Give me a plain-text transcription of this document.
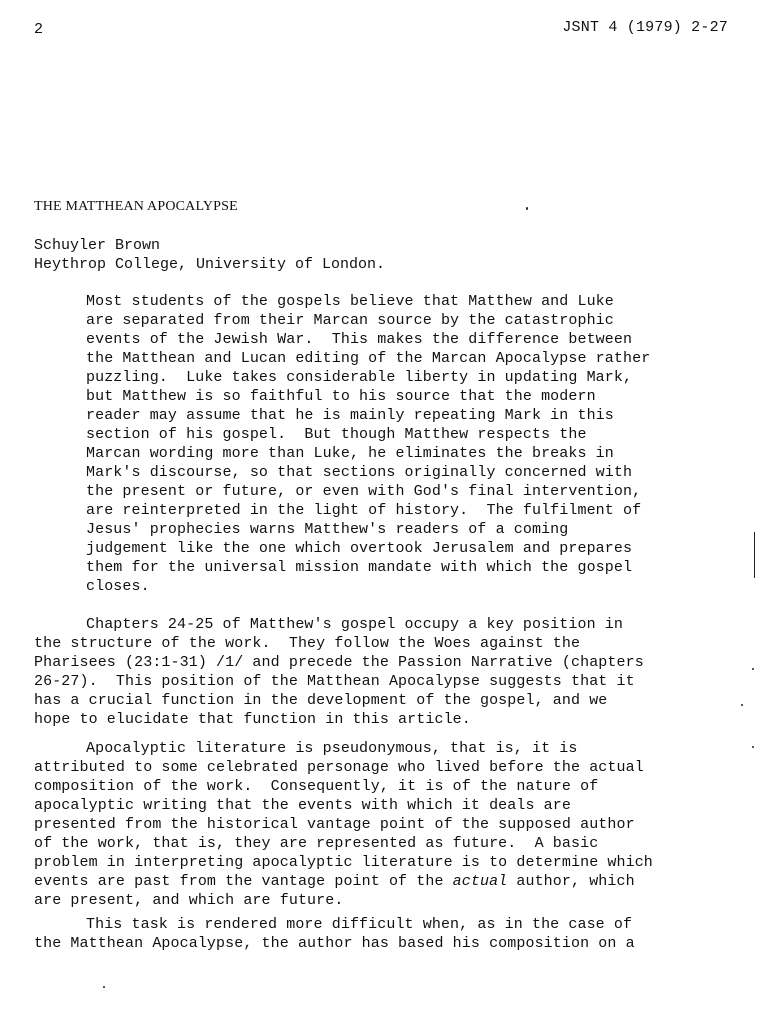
2	JSNT 4 (1979) 2-27
THE MATTHEAN APOCALYPSE
Schuyler Brown
Heythrop College, University of London.
Most students of the gospels believe that Matthew and Luke
are separated from their Marcan source by the catastrophic
events of the Jewish War.  This makes the difference between
the Matthean and Lucan editing of the Marcan Apocalypse rather
puzzling.  Luke takes considerable liberty in updating Mark,
but Matthew is so faithful to his source that the modern
reader may assume that he is mainly repeating Mark in this
section of his gospel.  But though Matthew respects the
Marcan wording more than Luke, he eliminates the breaks in
Mark's discourse, so that sections originally concerned with
the present or future, or even with God's final intervention,
are reinterpreted in the light of history.  The fulfilment of
Jesus' prophecies warns Matthew's readers of a coming
judgement like the one which overtook Jerusalem and prepares
them for the universal mission mandate with which the gospel
closes.
Chapters 24-25 of Matthew's gospel occupy a key position in
the structure of the work.  They follow the Woes against the
Pharisees (23:1-31) /1/ and precede the Passion Narrative (chapters
26-27).  This position of the Matthean Apocalypse suggests that it
has a crucial function in the development of the gospel, and we
hope to elucidate that function in this article.
Apocalyptic literature is pseudonymous, that is, it is
attributed to some celebrated personage who lived before the actual
composition of the work.  Consequently, it is of the nature of
apocalyptic writing that the events with which it deals are
presented from the historical vantage point of the supposed author
of the work, that is, they are represented as future.  A basic
problem in interpreting apocalyptic literature is to determine which
events are past from the vantage point of the actual author, which
are present, and which are future.
This task is rendered more difficult when, as in the case of
the Matthean Apocalypse, the author has based his composition on a
